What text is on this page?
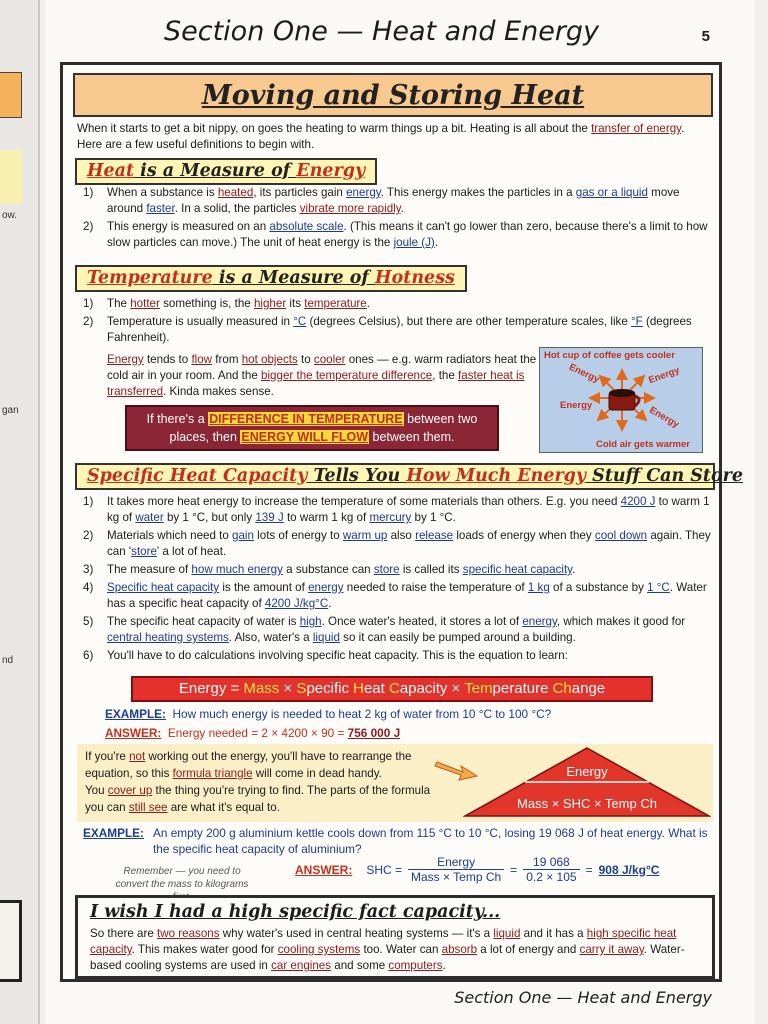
ow.
gan
nd
Section One — Heat and Energy	5
Moving and Storing Heat

When it starts to get a bit nippy, on goes the heating to warm things up a bit. Heating is all about the transfer of energy. Here are a few useful definitions to begin with.

Heat is a Measure of Energy
1) When a substance is heated, its particles gain energy. This energy makes the particles in a gas or a liquid move around faster. In a solid, the particles vibrate more rapidly.
2) This energy is measured on an absolute scale. (This means it can't go lower than zero, because there's a limit to how slow particles can move.) The unit of heat energy is the joule (J).
Temperature is a Measure of Hotness
1) The hotter something is, the higher its temperature.
2) Temperature is usually measured in °C (degrees Celsius), but there are other temperature scales, like °F (degrees Fahrenheit).

Energy tends to flow from hot objects to cooler ones — e.g. warm radiators heat the cold air in your room. And the bigger the temperature difference, the faster heat is transferred. Kinda makes sense.

If there's a DIFFERENCE IN TEMPERATURE between two places, then ENERGY WILL FLOW between them.
Hot cup of coffee gets cooler
Energy	Energy
Energy	Energy
Cold air gets warmer
Specific Heat Capacity Tells You How Much Energy Stuff Can Store
1) It takes more heat energy to increase the temperature of some materials than others. E.g. you need 4200 J to warm 1 kg of water by 1 °C, but only 139 J to warm 1 kg of mercury by 1 °C.
2) Materials which need to gain lots of energy to warm up also release loads of energy when they cool down again. They can 'store' a lot of heat.
3) The measure of how much energy a substance can store is called its specific heat capacity.
4) Specific heat capacity is the amount of energy needed to raise the temperature of 1 kg of a substance by 1 °C. Water has a specific heat capacity of 4200 J/kg°C.
5) The specific heat capacity of water is high. Once water's heated, it stores a lot of energy, which makes it good for central heating systems. Also, water's a liquid so it can easily be pumped around a building.
6) You'll have to do calculations involving specific heat capacity. This is the equation to learn:
Energy = Mass × Specific Heat Capacity × Temperature Change
EXAMPLE: How much energy is needed to heat 2 kg of water from 10 °C to 100 °C?
ANSWER: Energy needed = 2 × 4200 × 90 = 756 000 J

If you're not working out the energy, you'll have to rearrange the equation, so this formula triangle will come in dead handy.
You cover up the thing you're trying to find. The parts of the formula you can still see are what it's equal to.

Energy
Mass × SHC × Temp Ch
EXAMPLE: An empty 200 g aluminium kettle cools down from 115 °C to 10 °C, losing 19 068 J of heat energy. What is the specific heat capacity of aluminium?
Remember — you need to convert the mass to kilograms
ANSWER: SHC = $\frac{\text{Energy}}{\text{Mass × Temp Ch}} = \frac{19 068}{0.2 \times 105} = 908$ J/kg°C
I wish I had a high specific fact capacity...

So there are two reasons why water's used in central heating systems — it's a liquid and it has a high specific heat capacity. This makes water good for cooling systems too. Water can absorb a lot of energy and carry it away. Water-based cooling systems are used in car engines and some computers.

Section One — Heat and Energy
